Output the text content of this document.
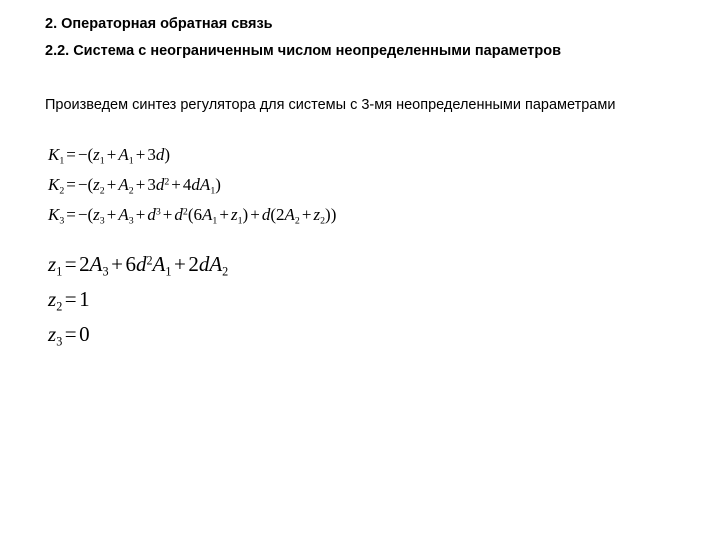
2. Операторная обратная связь
2.2. Система с неограниченным числом неопределенными параметров
Произведем синтез регулятора для системы с 3-мя неопределенными параметрами
$K_1 = -(z_1 + A_1 + 3d)$
$K_2 = -(z_2 + A_2 + 3d^2 + 4dA_1)$
$K_3 = -(z_3 + A_3 + d^3 + d^2(6A_1 + z_1) + d(2A_2 + z_2))$
$z_1 = 2A_3 + 6d^2A_1 + 2dA_2$
$z_2 = 1$
$z_3 = 0$
